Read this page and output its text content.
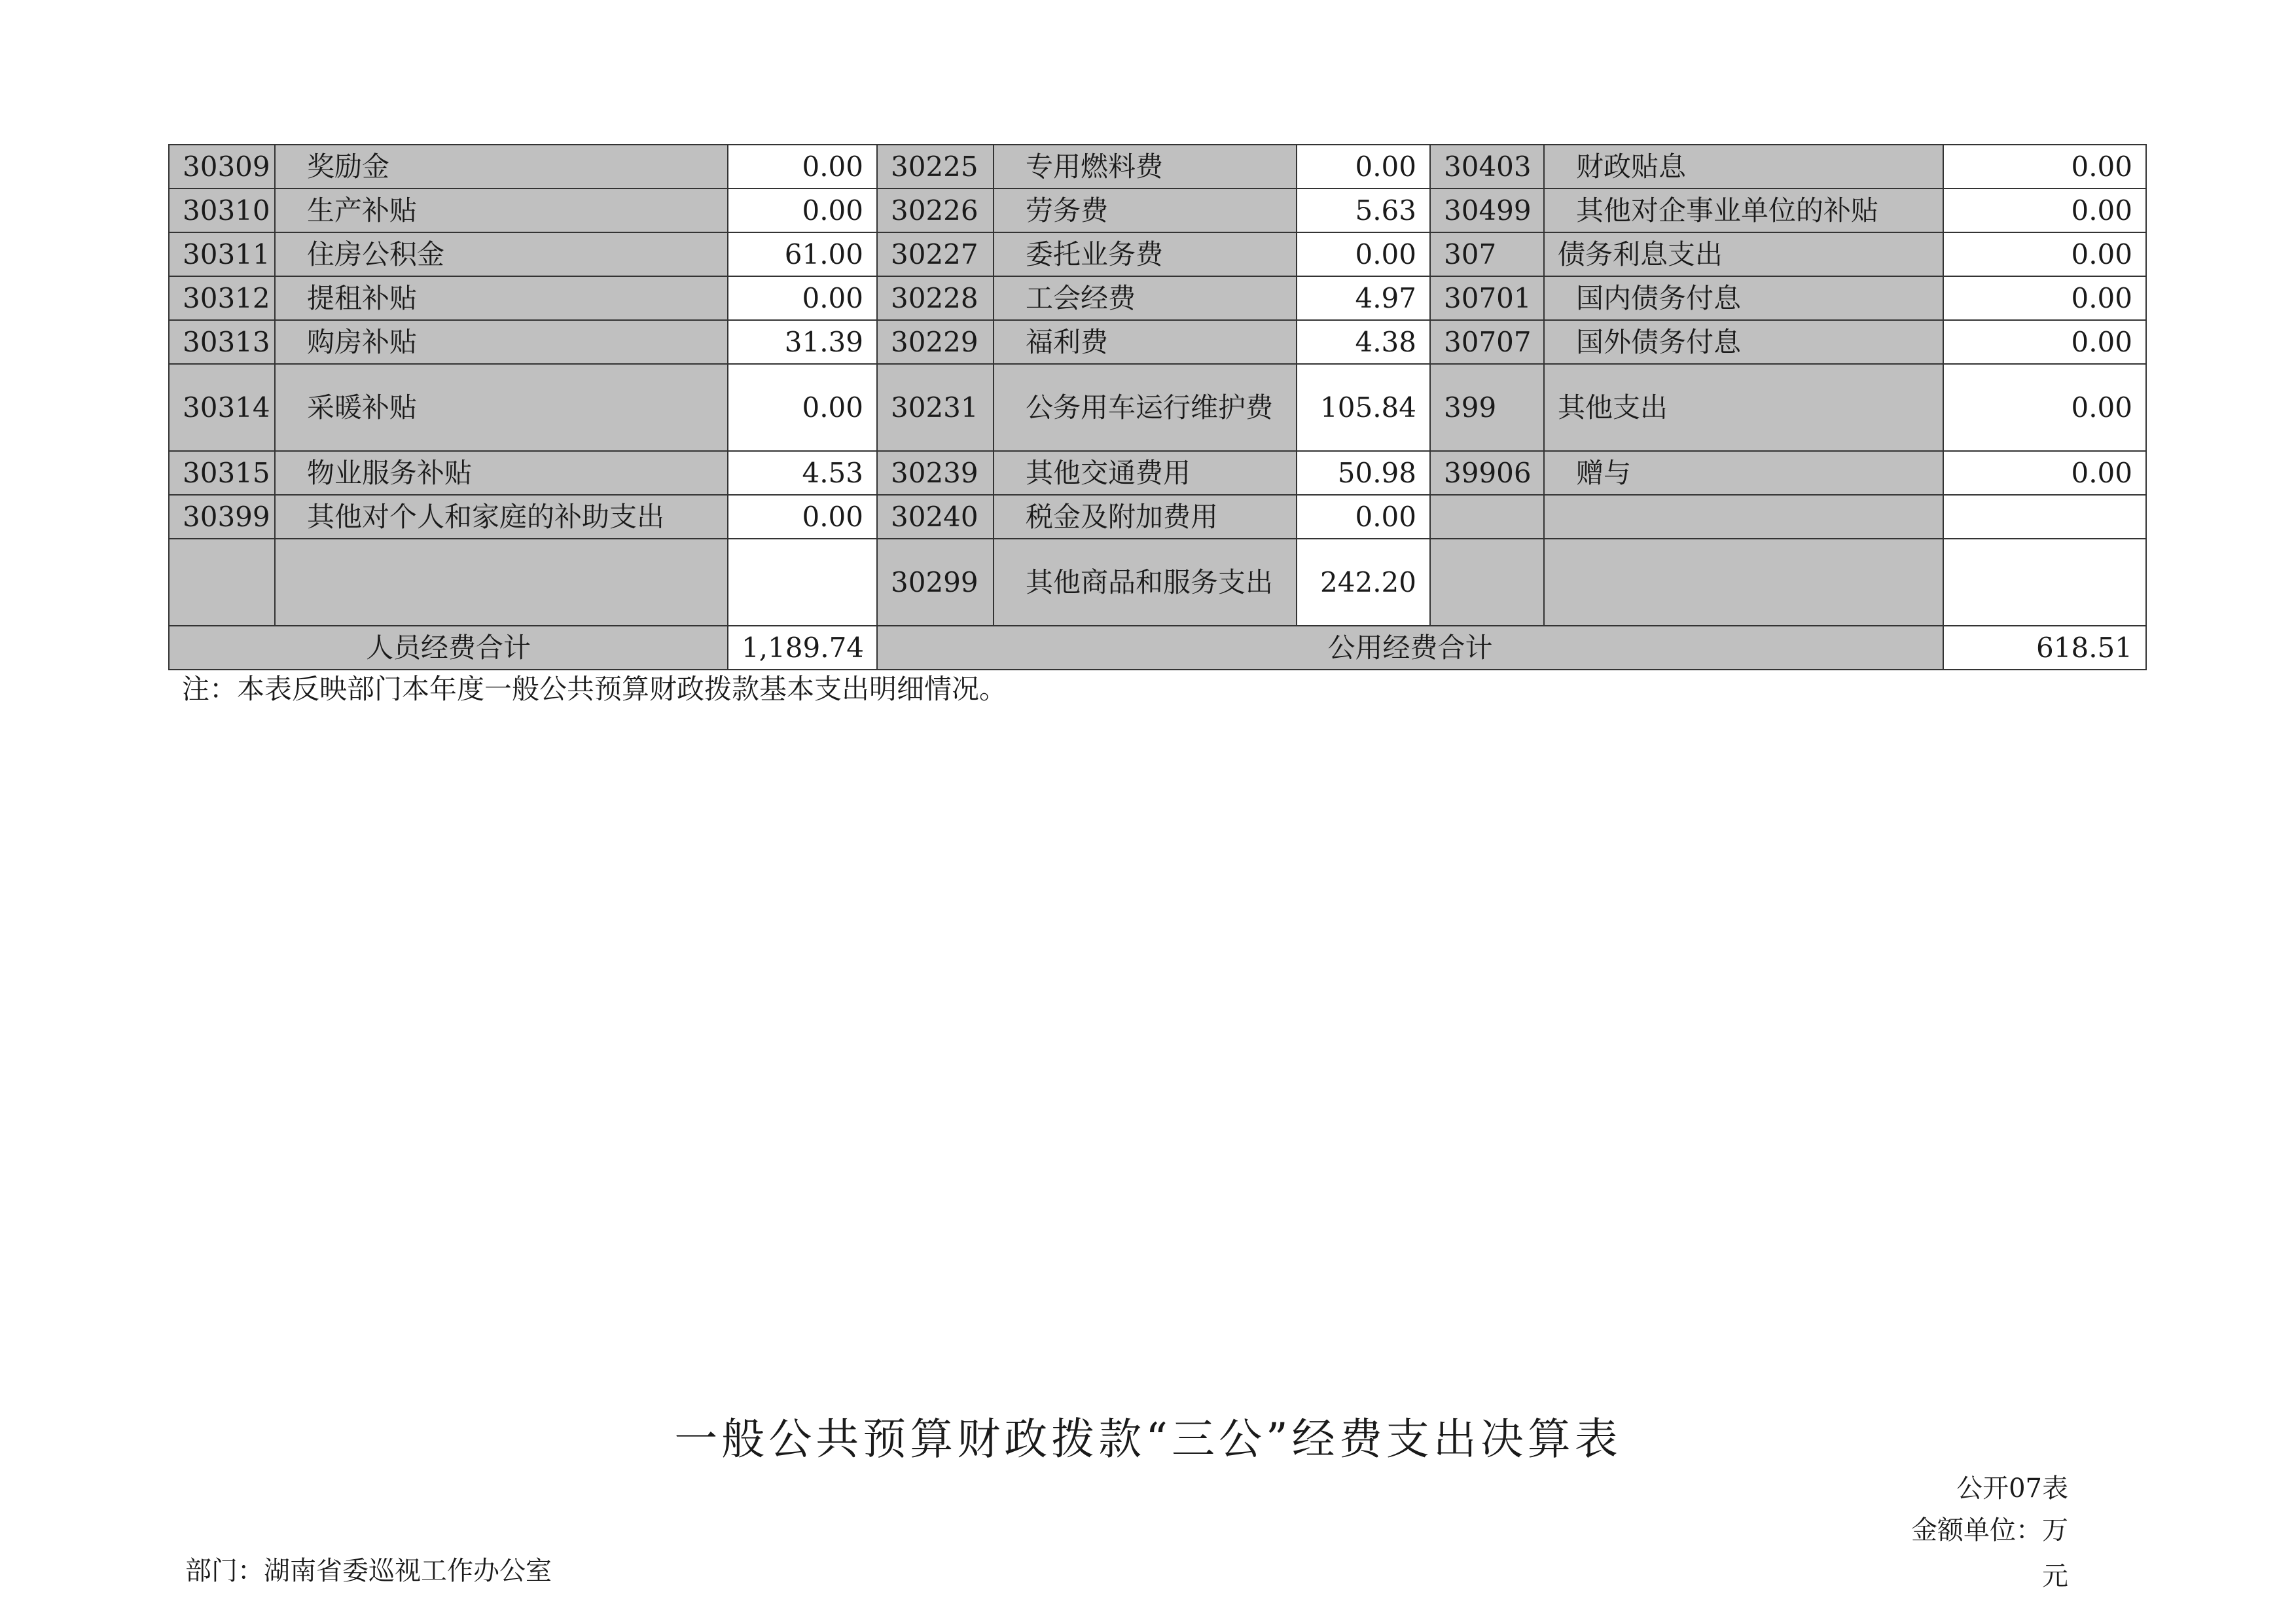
30309	奖励金	0.00	30225	专用燃料费	0.00	30403	财政贴息	0.00
30310	生产补贴	0.00	30226	劳务费	5.63	30499	其他对企事业单位的补贴	0.00
30311	住房公积金	61.00	30227	委托业务费	0.00	307	债务利息支出	0.00
30312	提租补贴	0.00	30228	工会经费	4.97	30701	国内债务付息	0.00
30313	购房补贴	31.39	30229	福利费	4.38	30707	国外债务付息	0.00
30314	采暖补贴	0.00	30231	公务用车运行维护费	105.84	399	其他支出	0.00
30315	物业服务补贴	4.53	30239	其他交通费用	50.98	39906	赠与	0.00
30399	其他对个人和家庭的补助支出	0.00	30240	税金及附加费用	0.00			
			30299	其他商品和服务支出	242.20			
人员经费合计		1,189.74	公用经费合计					618.51
注：本表反映部门本年度一般公共预算财政拨款基本支出明细情况。
一般公共预算财政拨款“三公”经费支出决算表
公开07表
金额单位：万元
部门：湖南省委巡视工作办公室
